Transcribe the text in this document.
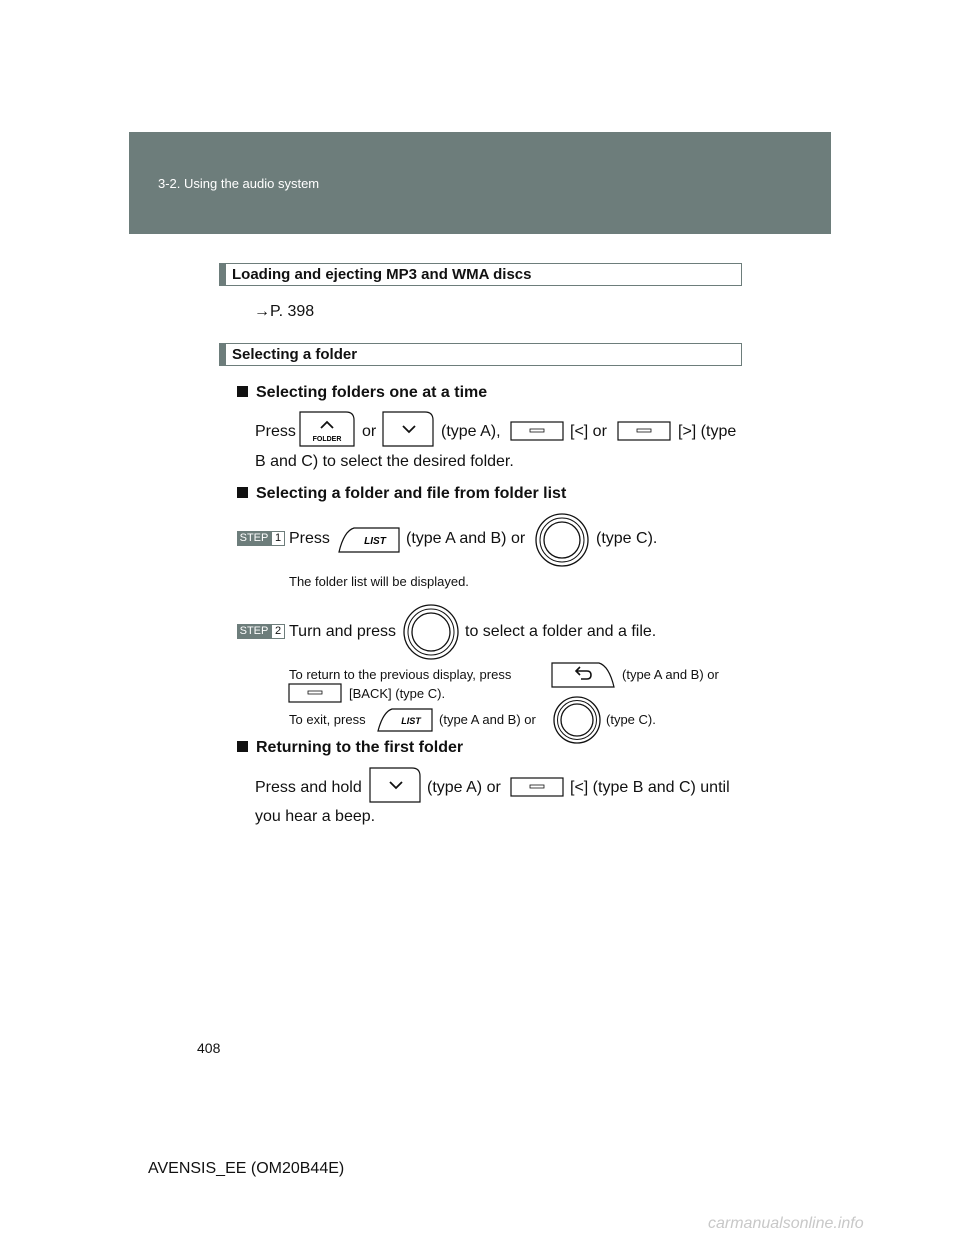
3-2. Using the audio system
Loading and ejecting MP3 and WMA discs
→P. 398
Selecting a folder
Selecting folders one at a time
Press FOLDER or	(type A),	[<] or	[>] (type
B and C) to select the desired folder.
Selecting a folder and file from folder list
STEP 1 Press	LIST (type A and B) or	(type C).
The folder list will be displayed.
STEP 2 Turn and press	to select a folder and a file.
To return to the previous display, press	(type A and B) or
[BACK] (type C).
To exit, press	LIST (type A and B) or	(type C).
Returning to the first folder
Press and hold	(type A) or	[<] (type B and C) until
you hear a beep.
408
AVENSIS_EE (OM20B44E)
carmanualsonline.info
